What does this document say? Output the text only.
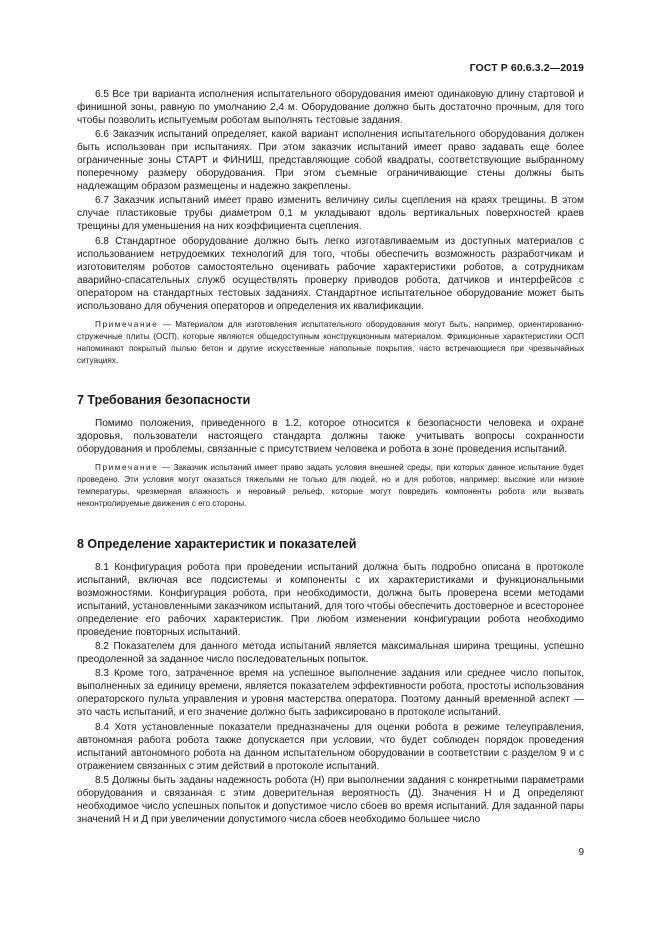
ГОСТ Р 60.6.3.2—2019

6.5 Все три варианта исполнения испытательного оборудования имеют одинаковую длину стартовой и финишной зоны, равную по умолчанию 2,4 м. Оборудование должно быть достаточно прочным, для того чтобы позволить испытуемым роботам выполнять тестовые задания.

6.6 Заказчик испытаний определяет, какой вариант исполнения испытательного оборудования должен быть использован при испытаниях. При этом заказчик испытаний имеет право задавать еще более ограниченные зоны СТАРТ и ФИНИШ, представляющие собой квадраты, соответствующие выбранному поперечному размеру оборудования. При этом съемные ограничивающие стены должны быть надлежащим образом размещены и надежно закреплены.

6.7 Заказчик испытаний имеет право изменить величину силы сцепления на краях трещины. В этом случае пластиковые трубы диаметром 0,1 м укладывают вдоль вертикальных поверхностей краев трещины для уменьшения на них коэффициента сцепления.

6.8 Стандартное оборудование должно быть легко изготавливаемым из доступных материалов с использованием нетрудоемких технологий для того, чтобы обеспечить возможность разработчикам и изготовителям роботов самостоятельно оценивать рабочие характеристики роботов, а сотрудникам аварийно-спасательных служб осуществлять проверку приводов робота, датчиков и интерфейсов с оператором на стандартных тестовых заданиях. Стандартное испытательное оборудование может быть использовано для обучения операторов и определения их квалификации.

Примечание — Материалом для изготовления испытательного оборудования могут быть, например, ориентированно-стружечные плиты (ОСП), которые являются общедоступным конструкционным материалом. Фрикционные характеристики ОСП напоминают покрытый пылью бетон и другие искусственные напольные покрытия, часто встречающиеся при чрезвычайных ситуациях.

7 Требования безопасности

Помимо положения, приведенного в 1.2, которое относится к безопасности человека и охране здоровья, пользователи настоящего стандарта должны также учитывать вопросы сохранности оборудования и проблемы, связанные с присутствием человека и робота в зоне проведения испытаний.

Примечание — Заказчик испытаний имеет право задать условия внешней среды, при которых данное испытание будет проведено. Эти условия могут оказаться тяжелыми не только для людей, но и для роботов, например: высокие или низкие температуры, чрезмерная влажность и неровный рельеф, которые могут повредить компоненты робота или вызвать неконтролируемые движения с его стороны.

8 Определение характеристик и показателей

8.1 Конфигурация робота при проведении испытаний должна быть подробно описана в протоколе испытаний, включая все подсистемы и компоненты с их характеристиками и функциональными возможностями. Конфигурация робота, при необходимости, должна быть проверена всеми методами испытаний, установленными заказчиком испытаний, для того чтобы обеспечить достоверное и всесторонее определение его рабочих характеристик. При любом изменении конфигурации робота необходимо проведение повторных испытаний.

8.2 Показателем для данного метода испытаний является максимальная ширина трещины, успешно преодоленной за заданное число последовательных попыток.

8.3 Кроме того, затраченное время на успешное выполнение задания или среднее число попыток, выполненных за единицу времени, является показателем эффективности робота, простоты использования операторского пульта управления и уровня мастерства оператора. Поэтому данный временной аспект — это часть испытаний, и его значение должно быть зафиксировано в протоколе испытаний.

8.4 Хотя установленные показатели предназначены для оценки робота в режиме телеуправления, автономная работа робота также допускается при условии, что будет соблюден порядок проведения испытаний автономного робота на данном испытательном оборудовании в соответствии с разделом 9 и с отражением связанных с этим действий в протоколе испытаний.

8.5 Должны быть заданы надежность робота (Н) при выполнении задания с конкретными параметрами оборудования и связанная с этим доверительная вероятность (Д). Значения Н и Д определяют необходимое число успешных попыток и допустимое число сбоев во время испытаний. Для заданной пары значений Н и Д при увеличении допустимого числа сбоев необходимо большее число

9
